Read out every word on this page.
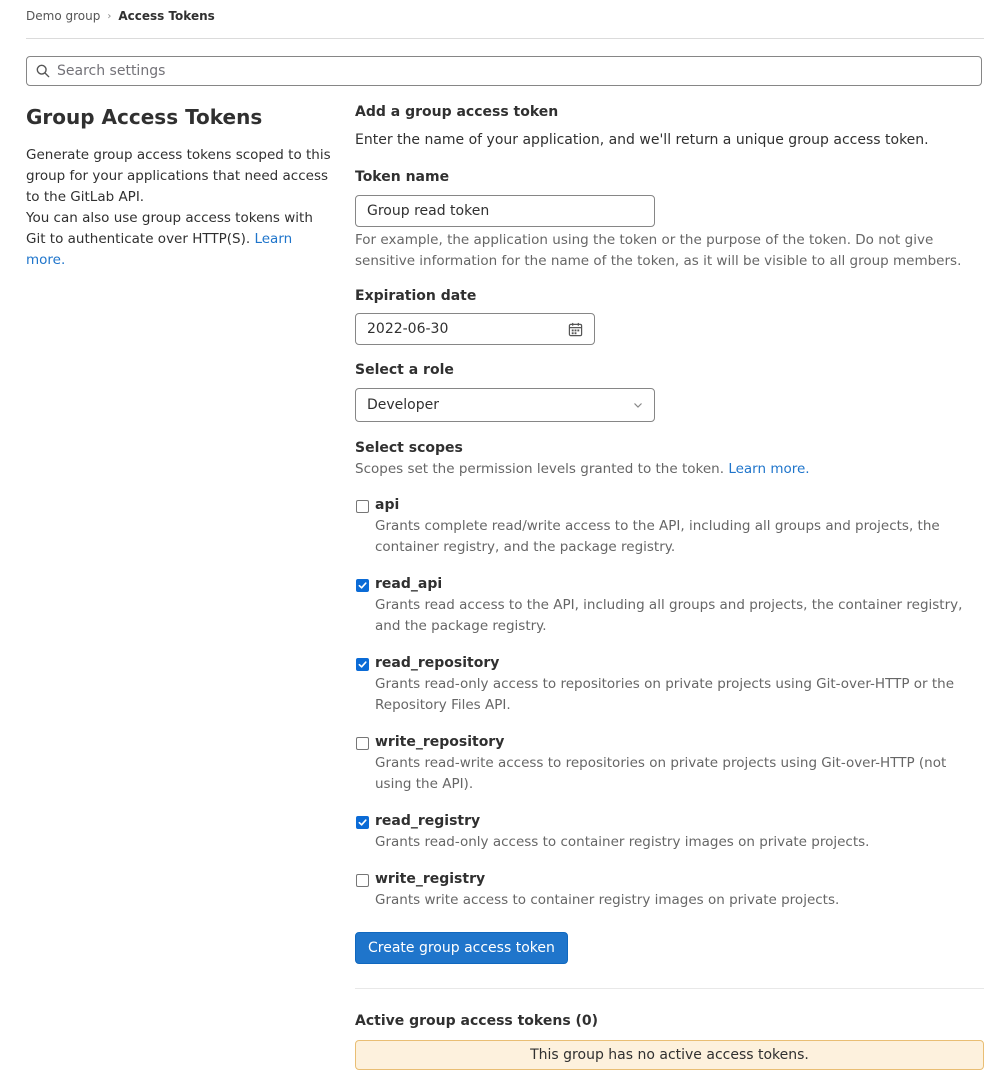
Demo group › Access Tokens
Search settings
Group Access Tokens

Generate group access tokens scoped to this group for your applications that need access to the GitLab API.
You can also use group access tokens with Git to authenticate over HTTP(S). Learn more.

Add a group access token
Enter the name of your application, and we'll return a unique group access token.
Token name
Group read token
For example, the application using the token or the purpose of the token. Do not give sensitive information for the name of the token, as it will be visible to all group members.
Expiration date
2022-06-30
Select a role
Developer
Select scopes
Scopes set the permission levels granted to the token. Learn more.
api
Grants complete read/write access to the API, including all groups and projects, the container registry, and the package registry.
read_api
Grants read access to the API, including all groups and projects, the container registry, and the package registry.
read_repository
Grants read-only access to repositories on private projects using Git-over-HTTP or the Repository Files API.
write_repository
Grants read-write access to repositories on private projects using Git-over-HTTP (not using the API).
read_registry
Grants read-only access to container registry images on private projects.
write_registry
Grants write access to container registry images on private projects.
Create group access token
Active group access tokens (0)
This group has no active access tokens.
